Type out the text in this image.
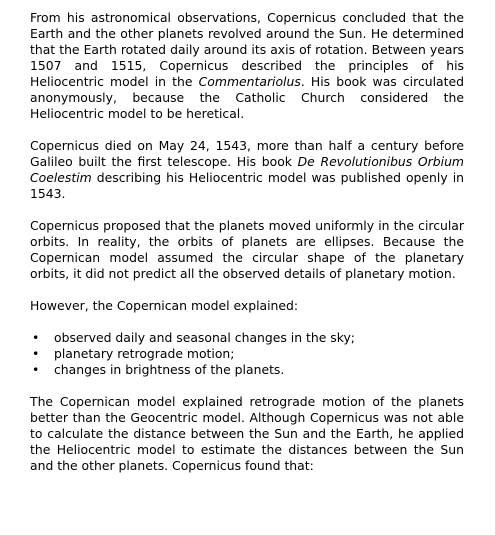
From his astronomical observations, Copernicus concluded that the Earth and the other planets revolved around the Sun. He determined that the Earth rotated daily around its axis of rotation. Between years 1507 and 1515, Copernicus described the principles of his Heliocentric model in the Commentariolus. His book was circulated anonymously, because the Catholic Church considered the Heliocentric model to be heretical.

Copernicus died on May 24, 1543, more than half a century before Galileo built the first telescope. His book De Revolutionibus Orbium Coelestim describing his Heliocentric model was published openly in 1543.

Copernicus proposed that the planets moved uniformly in the circular orbits. In reality, the orbits of planets are ellipses. Because the Copernican model assumed the circular shape of the planetary orbits, it did not predict all the observed details of planetary motion.

However, the Copernican model explained:

• observed daily and seasonal changes in the sky;
• planetary retrograde motion;
• changes in brightness of the planets.

The Copernican model explained retrograde motion of the planets better than the Geocentric model. Although Copernicus was not able to calculate the distance between the Sun and the Earth, he applied the Heliocentric model to estimate the distances between the Sun and the other planets. Copernicus found that:
